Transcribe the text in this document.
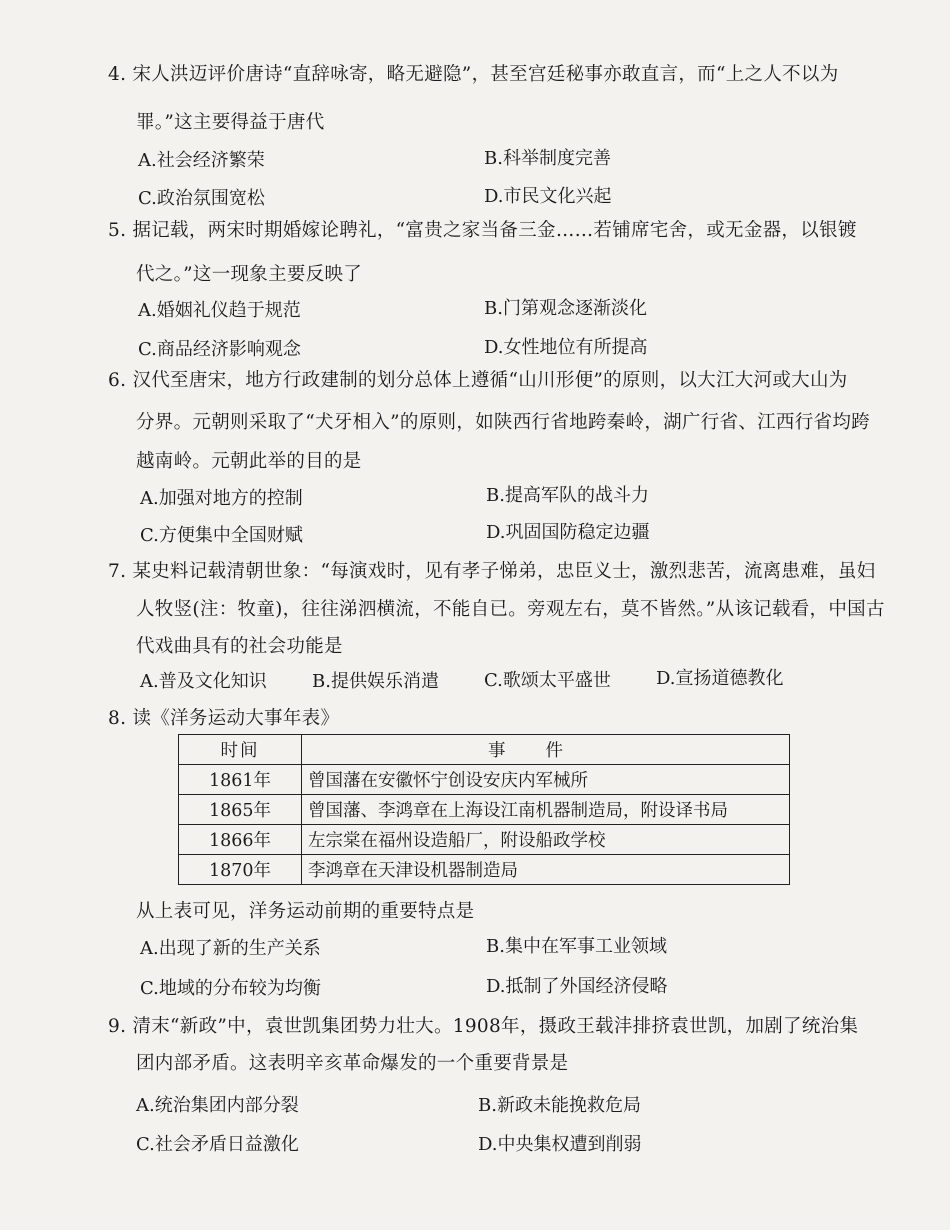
4. 宋人洪迈评价唐诗“直辞咏寄，略无避隐”，甚至宫廷秘事亦敢直言，而“上之人不以为
罪。”这主要得益于唐代
A.社会经济繁荣	B.科举制度完善
C.政治氛围宽松	D.市民文化兴起
5. 据记载，两宋时期婚嫁论聘礼，“富贵之家当备三金……若铺席宅舍，或无金器，以银镀
代之。”这一现象主要反映了
A.婚姻礼仪趋于规范	B.门第观念逐渐淡化
C.商品经济影响观念	D.女性地位有所提高
6. 汉代至唐宋，地方行政建制的划分总体上遵循“山川形便”的原则，以大江大河或大山为
分界。元朝则采取了“犬牙相入”的原则，如陕西行省地跨秦岭，湖广行省、江西行省均跨
越南岭。元朝此举的目的是
A.加强对地方的控制	B.提高军队的战斗力
C.方便集中全国财赋	D.巩固国防稳定边疆
7. 某史料记载清朝世象：“每演戏时，见有孝子悌弟，忠臣义士，激烈悲苦，流离患难，虽妇
人牧竖(注：牧童)，往往涕泗横流，不能自已。旁观左右，莫不皆然。”从该记载看，中国古
代戏曲具有的社会功能是
A.普及文化知识	B.提供娱乐消遣	C.歌颂太平盛世	D.宣扬道德教化
8. 读《洋务运动大事年表》
时间	事件
1861年	曾国藩在安徽怀宁创设安庆内军械所
1865年	曾国藩、李鸿章在上海设江南机器制造局，附设译书局
1866年	左宗棠在福州设造船厂，附设船政学校
1870年	李鸿章在天津设机器制造局
从上表可见，洋务运动前期的重要特点是
A.出现了新的生产关系	B.集中在军事工业领域
C.地域的分布较为均衡	D.抵制了外国经济侵略
9. 清末“新政”中，袁世凯集团势力壮大。1908年，摄政王载沣排挤袁世凯，加剧了统治集
团内部矛盾。这表明辛亥革命爆发的一个重要背景是
A.统治集团内部分裂	B.新政未能挽救危局
C.社会矛盾日益激化	D.中央集权遭到削弱
